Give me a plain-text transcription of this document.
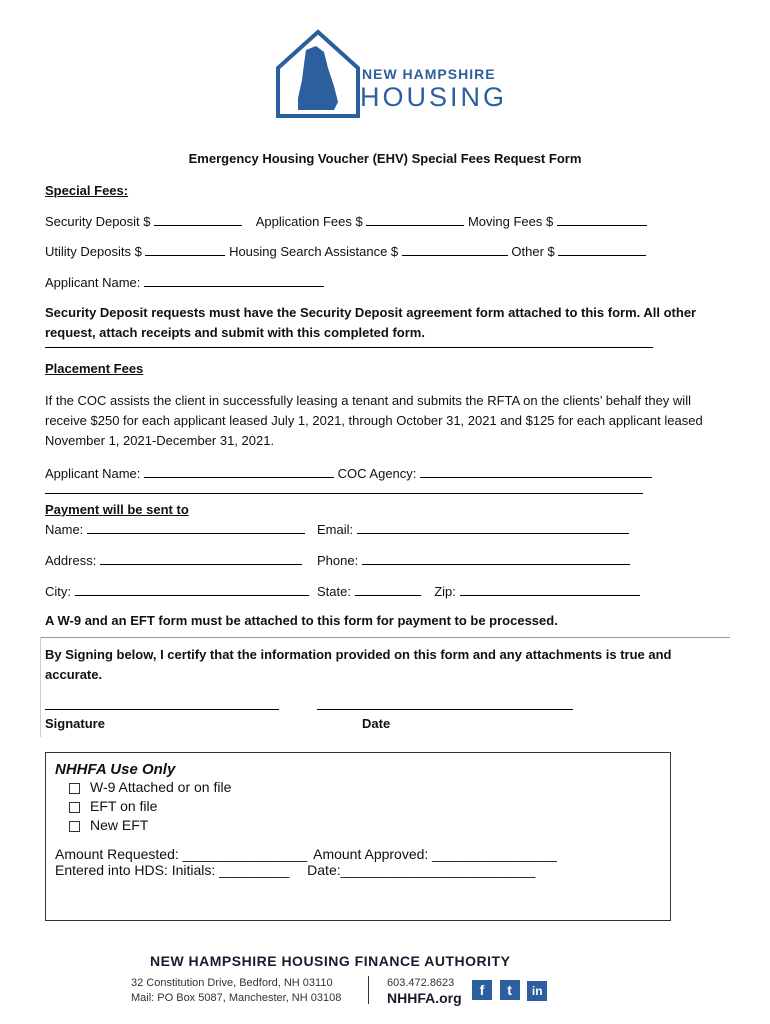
NEW HAMPSHIRE
HOUSING
Emergency Housing Voucher (EHV) Special Fees Request Form
Special Fees:
Security Deposit $	Application Fees $	Moving Fees $
Utility Deposits $	Housing Search Assistance $	Other $
Applicant Name:
Security Deposit requests must have the Security Deposit agreement form attached to this form. All other request, attach receipts and submit with this completed form.
Placement Fees
If the COC assists the client in successfully leasing a tenant and submits the RFTA on the clients’ behalf they will receive $250 for each applicant leased July 1, 2021, through October 31, 2021 and $125 for each applicant leased November 1, 2021-December 31, 2021.
Applicant Name:	COC Agency:
Payment will be sent to
Name:	Email:
Address:	Phone:
City:	State:	Zip:
A W-9 and an EFT form must be attached to this form for payment to be processed.
By Signing below, I certify that the information provided on this form and any attachments is true and accurate.
Signature	Date
NHHFA Use Only
W-9 Attached or on file
EFT on file
New EFT
Amount Requested: ________________ Amount Approved: ________________
Entered into HDS: Initials: _________ Date:_________________________
NEW HAMPSHIRE HOUSING FINANCE AUTHORITY
32 Constitution Drive, Bedford, NH 03110
Mail: PO Box 5087, Manchester, NH 03108
603.472.8623
NHHFA.org	f t in
